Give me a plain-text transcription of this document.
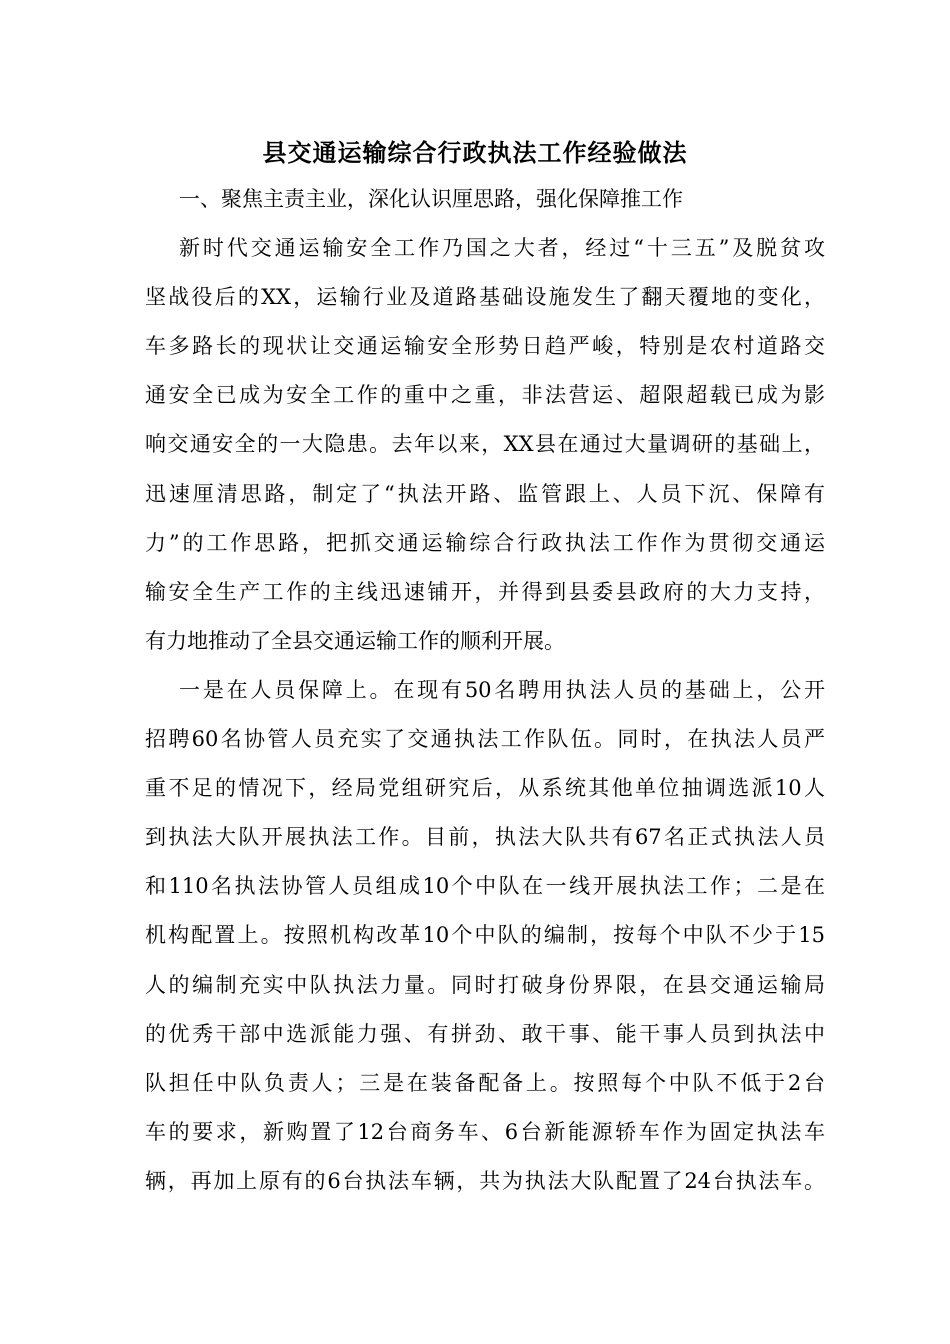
县交通运输综合行政执法工作经验做法
一、聚焦主责主业，深化认识厘思路，强化保障推工作
新时代交通运输安全工作乃国之大者，经过“十三五”及脱贫攻
坚战役后的XX，运输行业及道路基础设施发生了翻天覆地的变化，
车多路长的现状让交通运输安全形势日趋严峻，特别是农村道路交
通安全已成为安全工作的重中之重，非法营运、超限超载已成为影
响交通安全的一大隐患。去年以来，XX县在通过大量调研的基础上，
迅速厘清思路，制定了“执法开路、监管跟上、人员下沉、保障有
力”的工作思路，把抓交通运输综合行政执法工作作为贯彻交通运
输安全生产工作的主线迅速铺开，并得到县委县政府的大力支持，
有力地推动了全县交通运输工作的顺利开展。
一是在人员保障上。在现有50名聘用执法人员的基础上，公开
招聘60名协管人员充实了交通执法工作队伍。同时，在执法人员严
重不足的情况下，经局党组研究后，从系统其他单位抽调选派10人
到执法大队开展执法工作。目前，执法大队共有67名正式执法人员
和110名执法协管人员组成10个中队在一线开展执法工作；二是在
机构配置上。按照机构改革10个中队的编制，按每个中队不少于15
人的编制充实中队执法力量。同时打破身份界限，在县交通运输局
的优秀干部中选派能力强、有拼劲、敢干事、能干事人员到执法中
队担任中队负责人；三是在装备配备上。按照每个中队不低于2台
车的要求，新购置了12台商务车、6台新能源轿车作为固定执法车
辆，再加上原有的6台执法车辆，共为执法大队配置了24台执法车。
